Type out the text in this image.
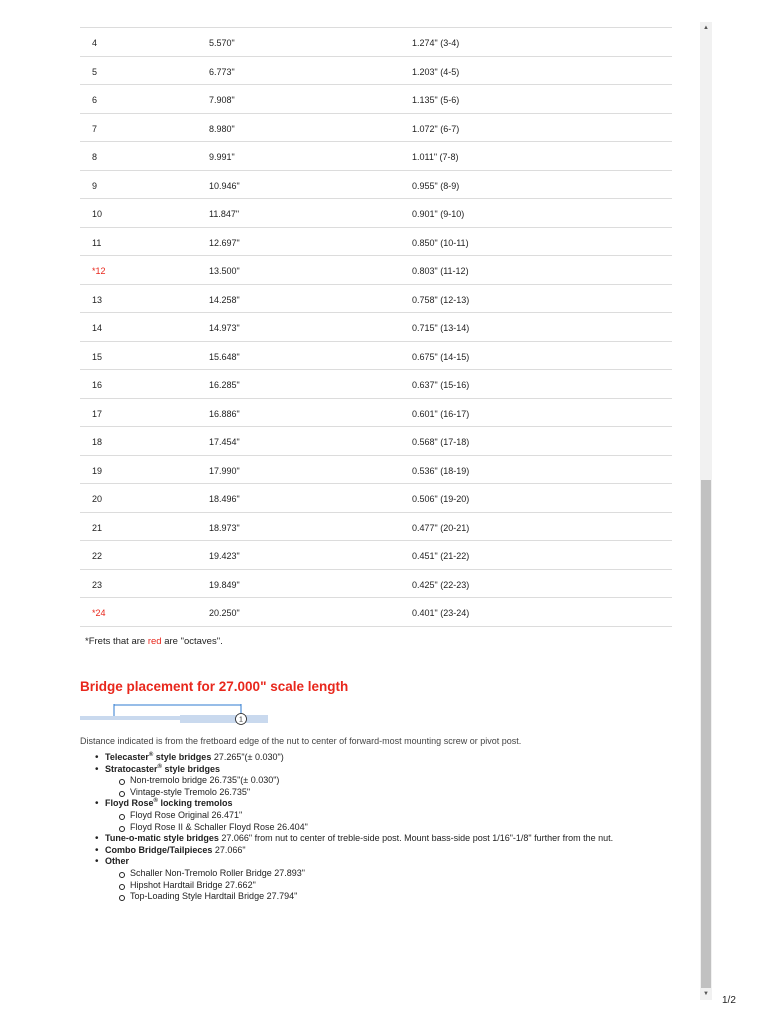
4	5.570"	1.274" (3-4)
5	6.773"	1.203" (4-5)
6	7.908"	1.135" (5-6)
7	8.980"	1.072" (6-7)
8	9.991"	1.011" (7-8)
9	10.946"	0.955" (8-9)
10	11.847"	0.901" (9-10)
11	12.697"	0.850" (10-11)
*12	13.500"	0.803" (11-12)
13	14.258"	0.758" (12-13)
14	14.973"	0.715" (13-14)
15	15.648"	0.675" (14-15)
16	16.285"	0.637" (15-16)
17	16.886"	0.601" (16-17)
18	17.454"	0.568" (17-18)
19	17.990"	0.536" (18-19)
20	18.496"	0.506" (19-20)
21	18.973"	0.477" (20-21)
22	19.423"	0.451" (21-22)
23	19.849"	0.425" (22-23)
*24	20.250"	0.401" (23-24)
*Frets that are red are "octaves".
Bridge placement for 27.000" scale length
1
Distance indicated is from the fretboard edge of the nut to center of forward-most mounting screw or pivot post.
• Telecaster® style bridges 27.265"(± 0.030")
• Stratocaster® style bridges
Non-tremolo bridge 26.735"(± 0.030")
Vintage-style Tremolo 26.735"
• Floyd Rose® locking tremolos
Floyd Rose Original 26.471"
Floyd Rose II & Schaller Floyd Rose 26.404"
• Tune-o-matic style bridges 27.066" from nut to center of treble-side post. Mount bass-side post 1/16"-1/8" further from the nut.
• Combo Bridge/Tailpieces 27.066"
• Other
Schaller Non-Tremolo Roller Bridge 27.893"
Hipshot Hardtail Bridge 27.662"
Top-Loading Style Hardtail Bridge 27.794"
▲
▼
1/2
